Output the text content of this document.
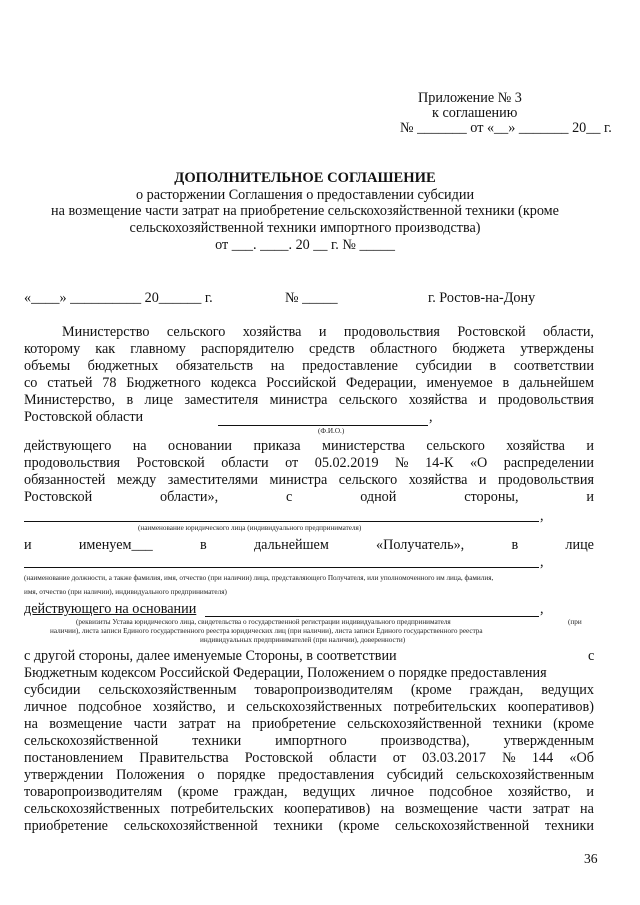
Приложение № 3
к соглашению
№ _______ от «__» _______ 20__ г.
ДОПОЛНИТЕЛЬНОЕ СОГЛАШЕНИЕ
о расторжении Соглашения о предоставлении субсидии
на возмещение части затрат на приобретение сельскохозяйственной техники (кроме
сельскохозяйственной техники импортного производства)
от ___. ____. 20 __ г. № _____
«____» __________ 20______ г.	№ _____	г. Ростов-на-Дону
Министерство сельского хозяйства и продовольствия Ростовской области,
которому как главному распорядителю средств областного бюджета утверждены
объемы бюджетных обязательств на предоставление субсидии в соответствии
со статьей 78 Бюджетного кодекса Российской Федерации, именуемое в дальнейшем
Министерство, в лице заместителя министра сельского хозяйства и продовольствия
Ростовской области	,
(Ф.И.О.)
действующего на основании приказа министерства сельского хозяйства и
продовольствия Ростовской области от 05.02.2019 № 14-К «О распределении
обязанностей между заместителями министра сельского хозяйства и продовольствия
Ростовской	области»,	с	одной	стороны,	и
,
(наименование юридического лица (индивидуального предпринимателя)
и	именуем___	в	дальнейшем	«Получатель»,	в	лице
,
(наименование должности, а также фамилия, имя, отчество (при наличии) лица, представляющего Получателя, или уполномоченного им лица, фамилия,
имя, отчество (при наличии), индивидуального предпринимателя)
действующего на основании	,
(реквизиты Устава юридического лица, свидетельства о государственной регистрации индивидуального предпринимателя	(при
наличии), листа записи Единого государственного реестра юридических лиц (при наличии), листа записи Единого государственного реестра
индивидуальных предпринимателей (при наличии), доверенности)
с другой стороны, далее именуемые Стороны, в соответствии	с
Бюджетным кодексом Российской Федерации, Положением о порядке предоставления
субсидии сельскохозяйственным товаропроизводителям (кроме граждан, ведущих
личное подсобное хозяйство, и сельскохозяйственных потребительских кооперативов)
на возмещение части затрат на приобретение сельскохозяйственной техники (кроме
сельскохозяйственной техники импортного производства), утвержденным
постановлением Правительства Ростовской области от 03.03.2017 № 144 «Об
утверждении Положения о порядке предоставления субсидий сельскохозяйственным
товаропроизводителям (кроме граждан, ведущих личное подсобное хозяйство, и
сельскохозяйственных потребительских кооперативов) на возмещение части затрат на
приобретение сельскохозяйственной техники (кроме сельскохозяйственной техники
36
